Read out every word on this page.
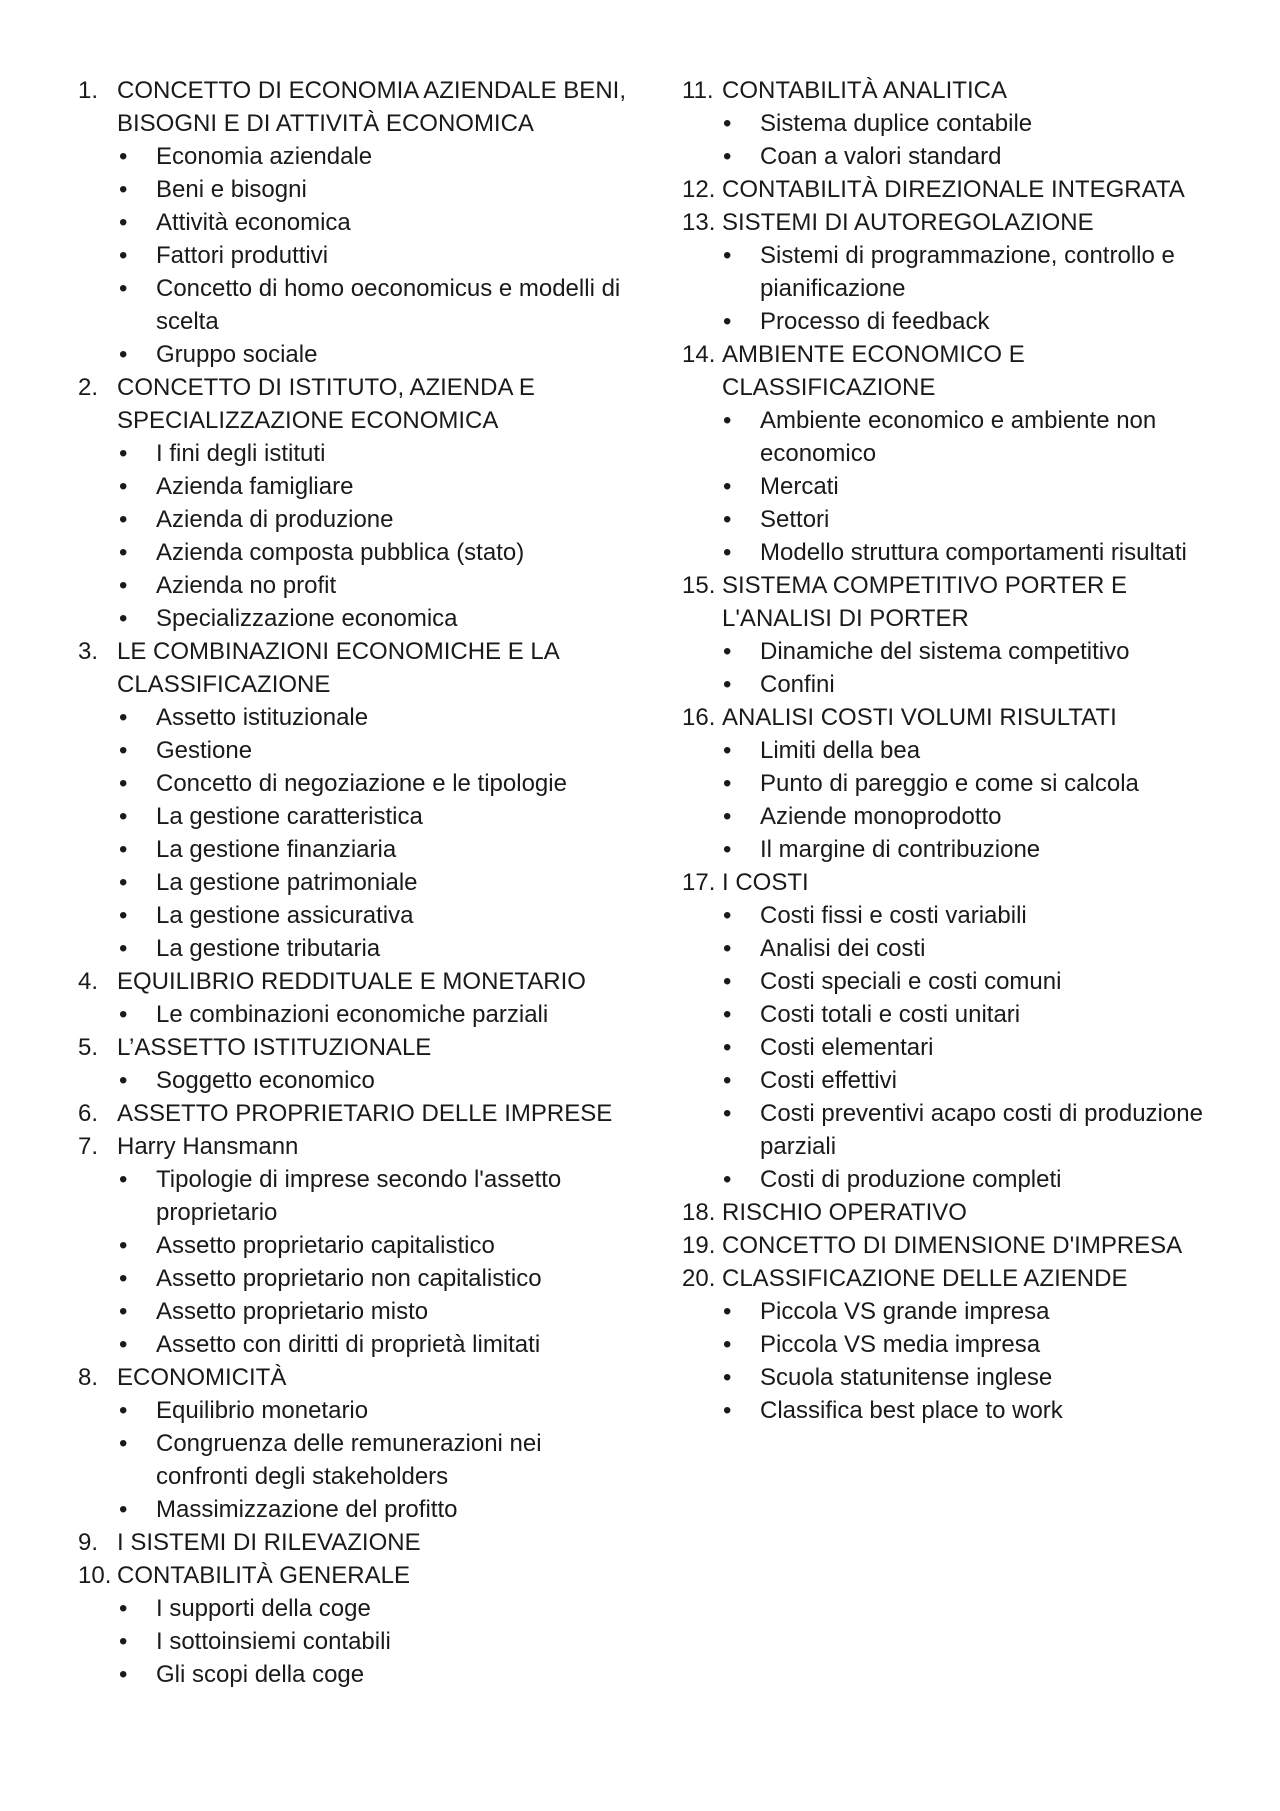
1. CONCETTO DI ECONOMIA AZIENDALE BENI, BISOGNI E DI ATTIVITÀ ECONOMICA
•	Economia aziendale
•	Beni e bisogni
•	Attività economica
•	Fattori produttivi
•	Concetto di homo oeconomicus e modelli di scelta
•	Gruppo sociale
2. CONCETTO DI ISTITUTO, AZIENDA E SPECIALIZZAZIONE ECONOMICA
•	I fini degli istituti
•	Azienda famigliare
•	Azienda di produzione
•	Azienda composta pubblica (stato)
•	Azienda no profit
•	Specializzazione economica
3. LE COMBINAZIONI ECONOMICHE E LA CLASSIFICAZIONE
•	Assetto istituzionale
•	Gestione
•	Concetto di negoziazione e le tipologie
•	La gestione caratteristica
•	La gestione finanziaria
•	La gestione patrimoniale
•	La gestione assicurativa
•	La gestione tributaria
4. EQUILIBRIO REDDITUALE E MONETARIO
•	Le combinazioni economiche parziali
5. L’ASSETTO ISTITUZIONALE
•	Soggetto economico
6. ASSETTO PROPRIETARIO DELLE IMPRESE
7. Harry Hansmann
•	Tipologie di imprese secondo l'assetto proprietario
•	Assetto proprietario capitalistico
•	Assetto proprietario non capitalistico
•	Assetto proprietario misto
•	Assetto con diritti di proprietà limitati
8. ECONOMICITÀ
•	Equilibrio monetario
•	Congruenza delle remunerazioni nei confronti degli stakeholders
•	Massimizzazione del profitto
9. I SISTEMI DI RILEVAZIONE
10. CONTABILITÀ GENERALE
•	I supporti della coge
•	I sottoinsiemi contabili
•	Gli scopi della coge
11. CONTABILITÀ ANALITICA
•	Sistema duplice contabile
•	Coan a valori standard
12. CONTABILITÀ DIREZIONALE INTEGRATA
13. SISTEMI DI AUTOREGOLAZIONE
•	Sistemi di programmazione, controllo e pianificazione
•	Processo di feedback
14. AMBIENTE ECONOMICO E CLASSIFICAZIONE
•	Ambiente economico e ambiente non economico
•	Mercati
•	Settori
•	Modello struttura comportamenti risultati
15. SISTEMA COMPETITIVO PORTER E L'ANALISI DI PORTER
•	Dinamiche del sistema competitivo
•	Confini
16. ANALISI COSTI VOLUMI RISULTATI
•	Limiti della bea
•	Punto di pareggio e come si calcola
•	Aziende monoprodotto
•	Il margine di contribuzione
17. I COSTI
•	Costi fissi e costi variabili
•	Analisi dei costi
•	Costi speciali e costi comuni
•	Costi totali e costi unitari
•	Costi elementari
•	Costi effettivi
•	Costi preventivi acapo costi di produzione parziali
•	Costi di produzione completi
18. RISCHIO OPERATIVO
19. CONCETTO DI DIMENSIONE D'IMPRESA
20. CLASSIFICAZIONE DELLE AZIENDE
•	Piccola VS grande impresa
•	Piccola VS media impresa
•	Scuola statunitense inglese
•	Classifica best place to work
